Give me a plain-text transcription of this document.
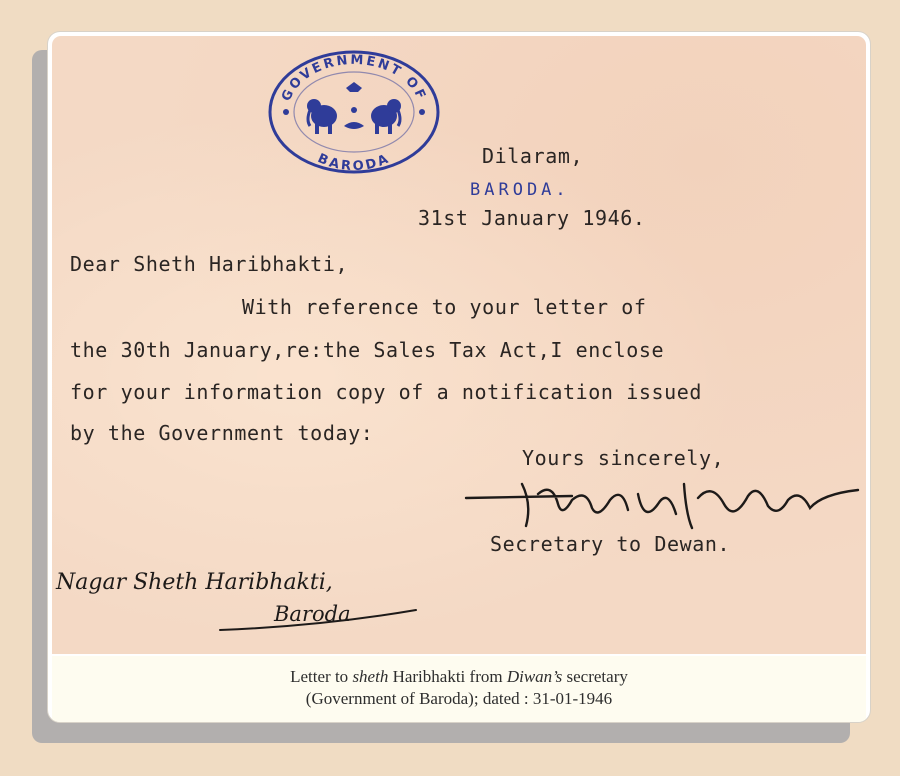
GOVERNMENT OF
BARODA	Dilaram,
BARODA.
31st January 1946.
Dear Sheth Haribhakti,
With reference to your letter of
the 30th January,re:the Sales Tax Act,I enclose
for your information copy of a notification issued
by the Government today:
Yours sincerely,
Secretary to Dewan.
Nagar Sheth Haribhakti,
Baroda
Letter to sheth Haribhakti from Diwan’s secretary
(Government of Baroda); dated : 31-01-1946
